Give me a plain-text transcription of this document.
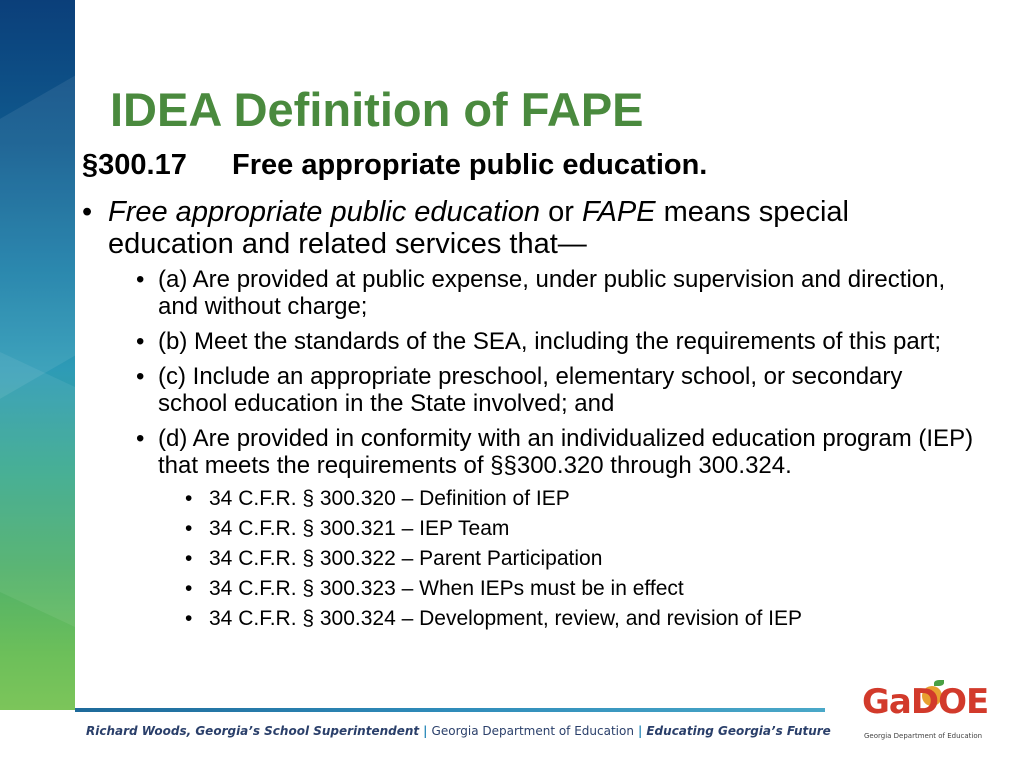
IDEA Definition of FAPE
§300.17 Free appropriate public education.
• Free appropriate public education or FAPE means special education and related services that—
• (a) Are provided at public expense, under public supervision and direction, and without charge;
• (b) Meet the standards of the SEA, including the requirements of this part;
• (c) Include an appropriate preschool, elementary school, or secondary school education in the State involved; and
• (d) Are provided in conformity with an individualized education program (IEP) that meets the requirements of §§300.320 through 300.324.
• 34 C.F.R. § 300.320 – Definition of IEP
• 34 C.F.R. § 300.321 – IEP Team
• 34 C.F.R. § 300.322 – Parent Participation
• 34 C.F.R. § 300.323 – When IEPs must be in effect
• 34 C.F.R. § 300.324 – Development, review, and revision of IEP
Richard Woods, Georgia’s School Superintendent | Georgia Department of Education | Educating Georgia’s Future
GaDOE
Georgia Department of Education
